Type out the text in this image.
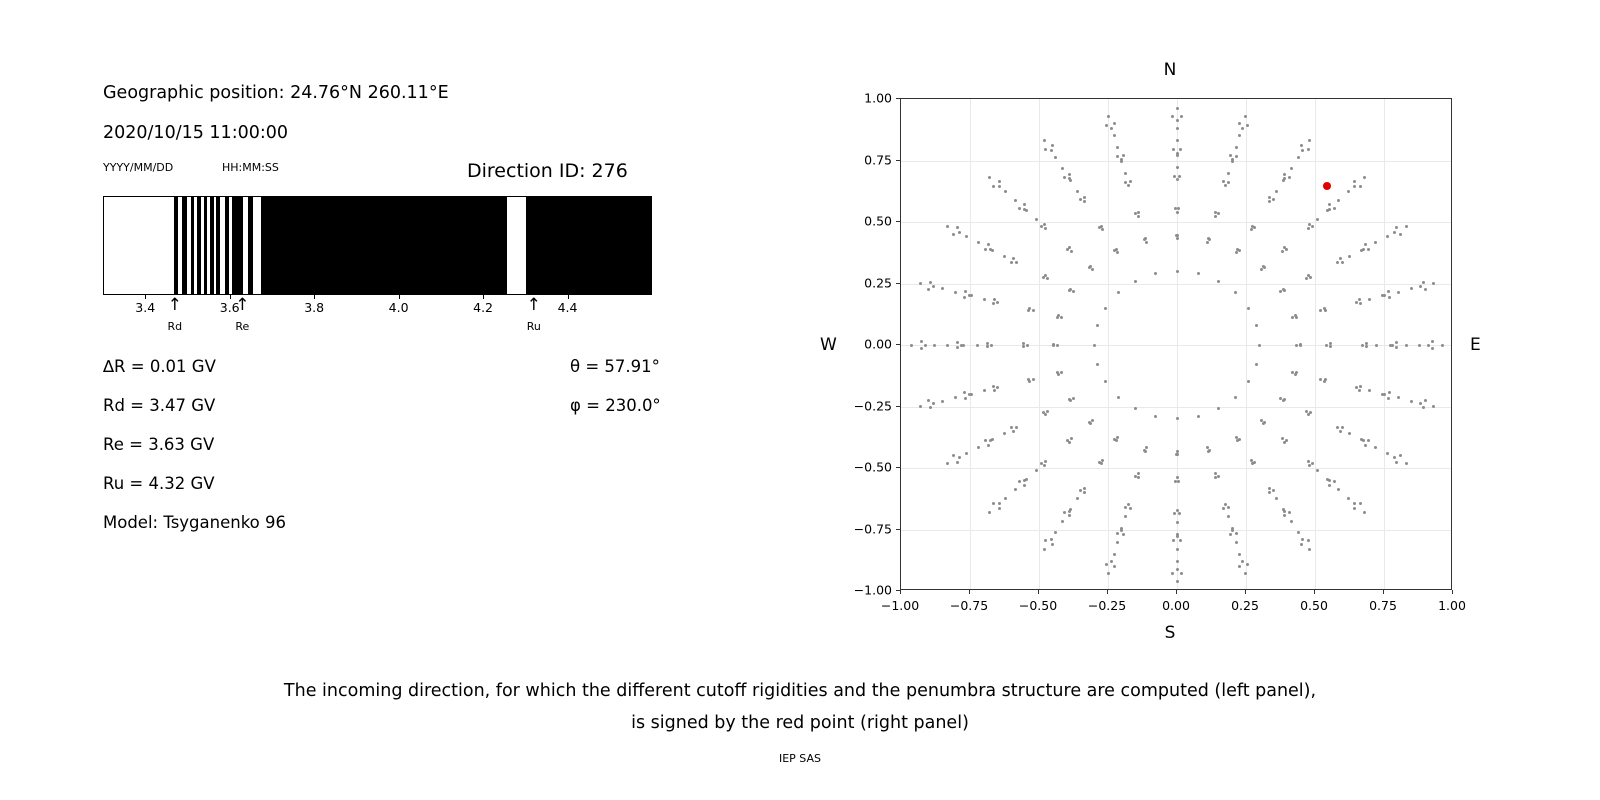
Geographic position: 24.76°N 260.11°E
2020/10/15 11:00:00
YYYY/MM/DD	HH:MM:SS	Direction ID: 276
3.4	3.6	3.8	4.0	4.2	4.4
↑
Rd
↑
Re
↑
Ru
∆R = 0.01 GV
Rd = 3.47 GV
Re = 3.63 GV
Ru = 4.32 GV
Model: Tsyganenko 96
θ = 57.91°
φ = 230.0°
N
S
W	E
−1.00 −0.75 −0.50 −0.25	0.00	0.25	0.50	0.75	1.00
−1.00
−0.75
−0.50
−0.25
0.00
0.25
0.50
0.75
1.00
The incoming direction, for which the different cutoff rigidities and the penumbra structure are computed (left panel),
is signed by the red point (right panel)
IEP SAS
